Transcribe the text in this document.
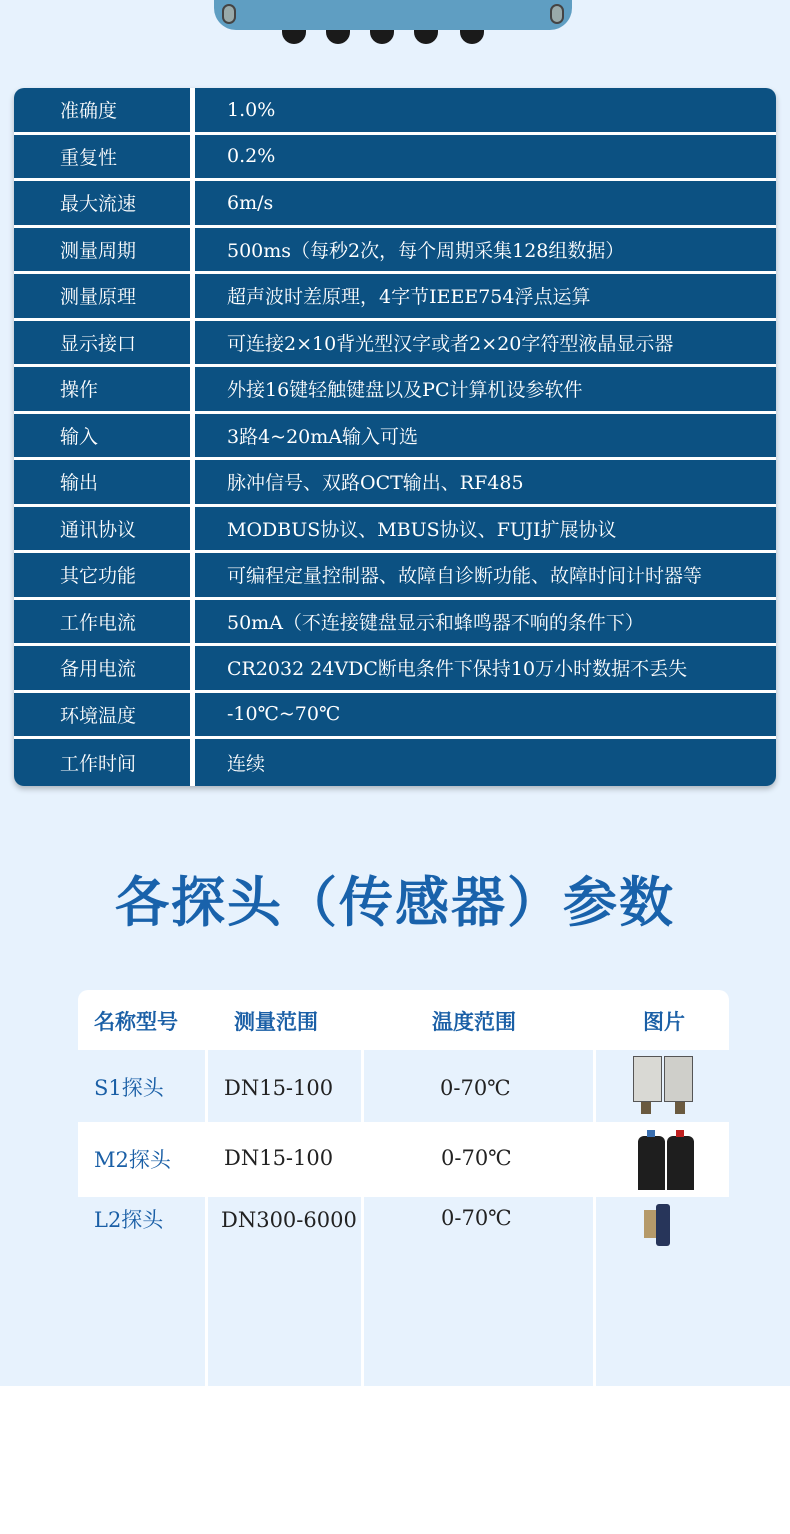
准确度	1.0%
重复性	0.2%
最大流速	6m/s
测量周期	500ms（每秒2次，每个周期采集128组数据）
测量原理	超声波时差原理，4字节IEEE754浮点运算
显示接口	可连接2×10背光型汉字或者2×20字符型液晶显示器
操作	外接16键轻触键盘以及PC计算机设参软件
输入	3路4~20mA输入可选
输出	脉冲信号、双路OCT输出、RF485
通讯协议	MODBUS协议、MBUS协议、FUJI扩展协议
其它功能	可编程定量控制器、故障自诊断功能、故障时间计时器等
工作电流	50mA（不连接键盘显示和蜂鸣器不响的条件下）
备用电流	CR2032 24VDC断电条件下保持10万小时数据不丢失
环境温度	-10℃~70℃
工作时间	连续
各探头（传感器）参数
名称型号	测量范围	温度范围	图片
S1探头	DN15-100	0-70℃
M2探头	DN15-100	0-70℃
L2探头	DN300-6000	0-70℃
